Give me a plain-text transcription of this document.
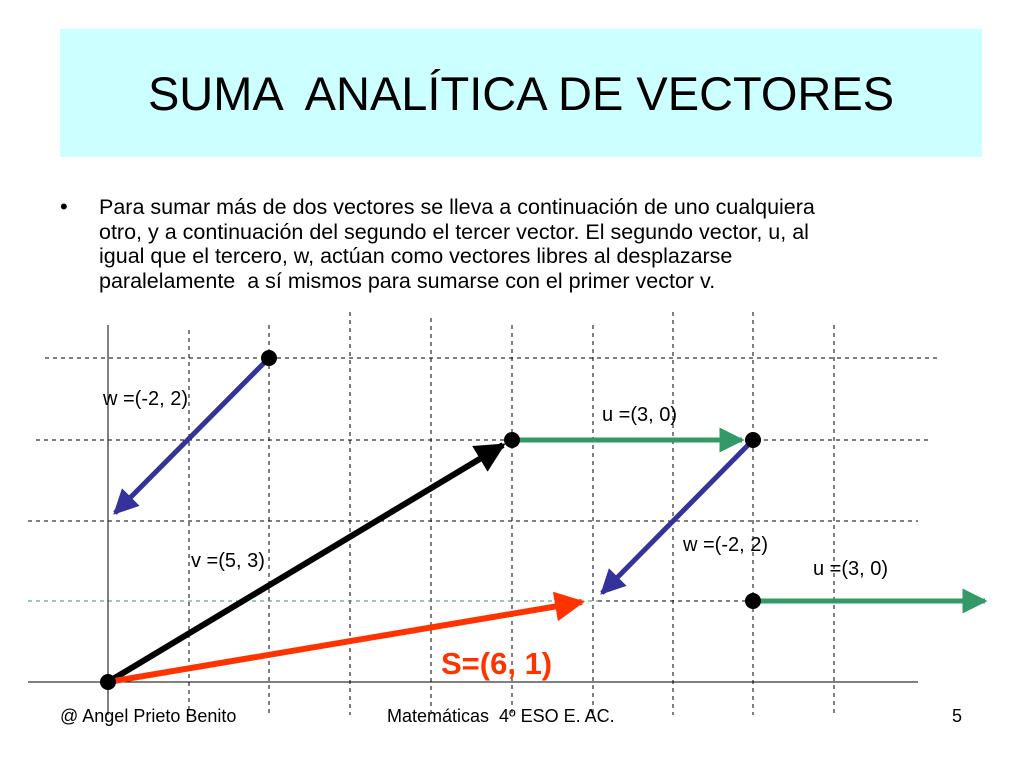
SUMA  ANALÍTICA DE VECTORES
• Para sumar más de dos vectores se lleva a continuación de uno cualquiera
otro, y a continuación del segundo el tercer vector. El segundo vector, u, al
igual que el tercero, w, actúan como vectores libres al desplazarse
paralelamente  a sí mismos para sumarse con el primer vector v.
w =(-2, 2)
u =(3, 0)
w =(-2, 2)
v =(5, 3)	u =(3, 0)
S=(6, 1)
@ Angel Prieto Benito	Matemáticas  4º ESO E. AC.	5
